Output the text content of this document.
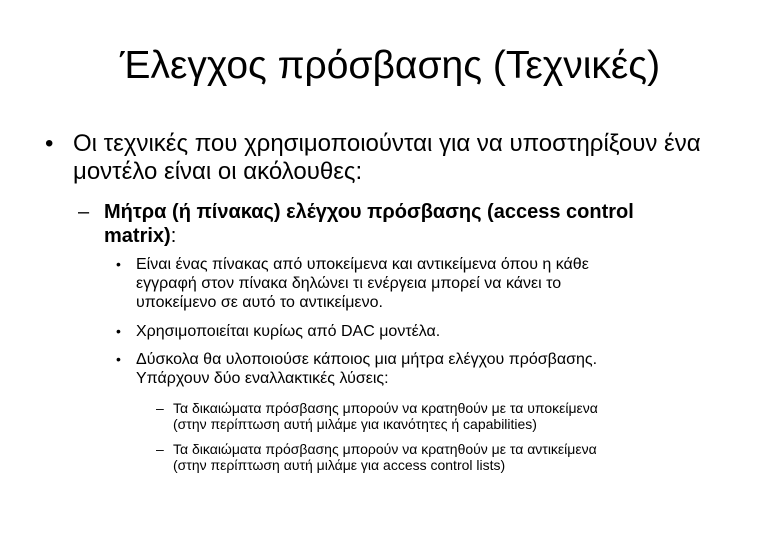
Έλεγχος πρόσβασης (Τεχνικές)
• Οι τεχνικές που χρησιμοποιούνται για να υποστηρίξουν ένα μοντέλο είναι οι ακόλουθες:
– Μήτρα (ή πίνακας) ελέγχου πρόσβασης (access control matrix):
• Είναι ένας πίνακας από υποκείμενα και αντικείμενα όπου η κάθε
εγγραφή στον πίνακα δηλώνει τι ενέργεια μπορεί να κάνει το
υποκείμενο σε αυτό το αντικείμενο.
• Χρησιμοποιείται κυρίως από DAC μοντέλα.
• Δύσκολα θα υλοποιούσε κάποιος μια μήτρα ελέγχου πρόσβασης.
Υπάρχουν δύο εναλλακτικές λύσεις:
– Τα δικαιώματα πρόσβασης μπορούν να κρατηθούν με τα υποκείμενα
(στην περίπτωση αυτή μιλάμε για ικανότητες ή capabilities)
– Τα δικαιώματα πρόσβασης μπορούν να κρατηθούν με τα αντικείμενα
(στην περίπτωση αυτή μιλάμε για access control lists)
